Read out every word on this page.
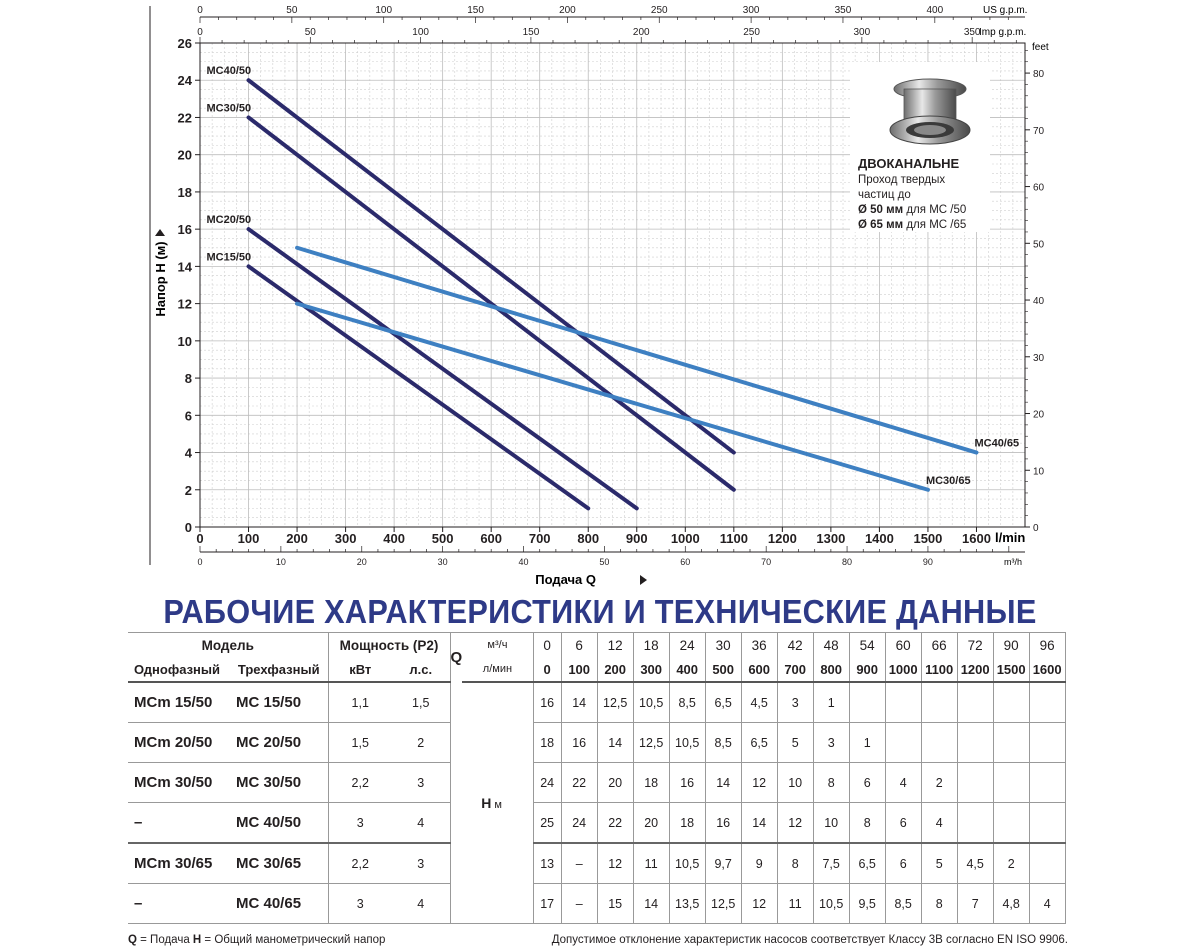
0	100 200 300 400 500 600 700 800 900 1000 1100 1200 1300 1400 1500 1600
0
2
4
6
8
10
12
14
16
18
20
22
24
26
0
10
20
30
40
50
60
70
80
0	50	100	150	200	250	300	350	400
0	50	100	150	200	250	300	350
0	10	20	30	40	50	60	70	80	90
MC40/50
MC30/50
MC20/50
MC15/50
MC40/65
MC30/65
l/min
US g.p.m.
Imp g.p.m.
feet
m³/h
Подача Q
Напор H (м)
ДВОКАНАЛЬНЕ
Проход твердых
частиц до
Ø 50 мм для MC /50
Ø 65 мм для MC /65
РАБОЧИЕ ХАРАКТЕРИСТИКИ И ТЕХНИЧЕСКИЕ ДАННЫЕ
Модель		Мощность (P2)		Q	м³/ч	0	6	12	18	24	30	36	42	48	54	60	66	72	90	96
Однофазный	Трехфазный	кВт	л.с.		л/мин	0	100	200	300	400	500	600	700	800	900	1000	1100	1200	1500	1600
MCm 15/50	MC 15/50	1,1	1,5	H м		16	14	12,5	10,5	8,5	6,5	4,5	3	1						
MCm 20/50	MC 20/50	1,5	2			18	16	14	12,5	10,5	8,5	6,5	5	3	1					
MCm 30/50	MC 30/50	2,2	3			24	22	20	18	16	14	12	10	8	6	4	2			
–	MC 40/50	3	4			25	24	22	20	18	16	14	12	10	8	6	4			
MCm 30/65	MC 30/65	2,2	3			13	–	12	11	10,5	9,7	9	8	7,5	6,5	6	5	4,5	2	
–	MC 40/65	3	4			17	–	15	14	13,5	12,5	12	11	10,5	9,5	8,5	8	7	4,8	4
Q = Подача H = Общий манометрический напор	Допустимое отклонение характеристик насосов соответствует Классу 3В согласно EN ISO 9906.
